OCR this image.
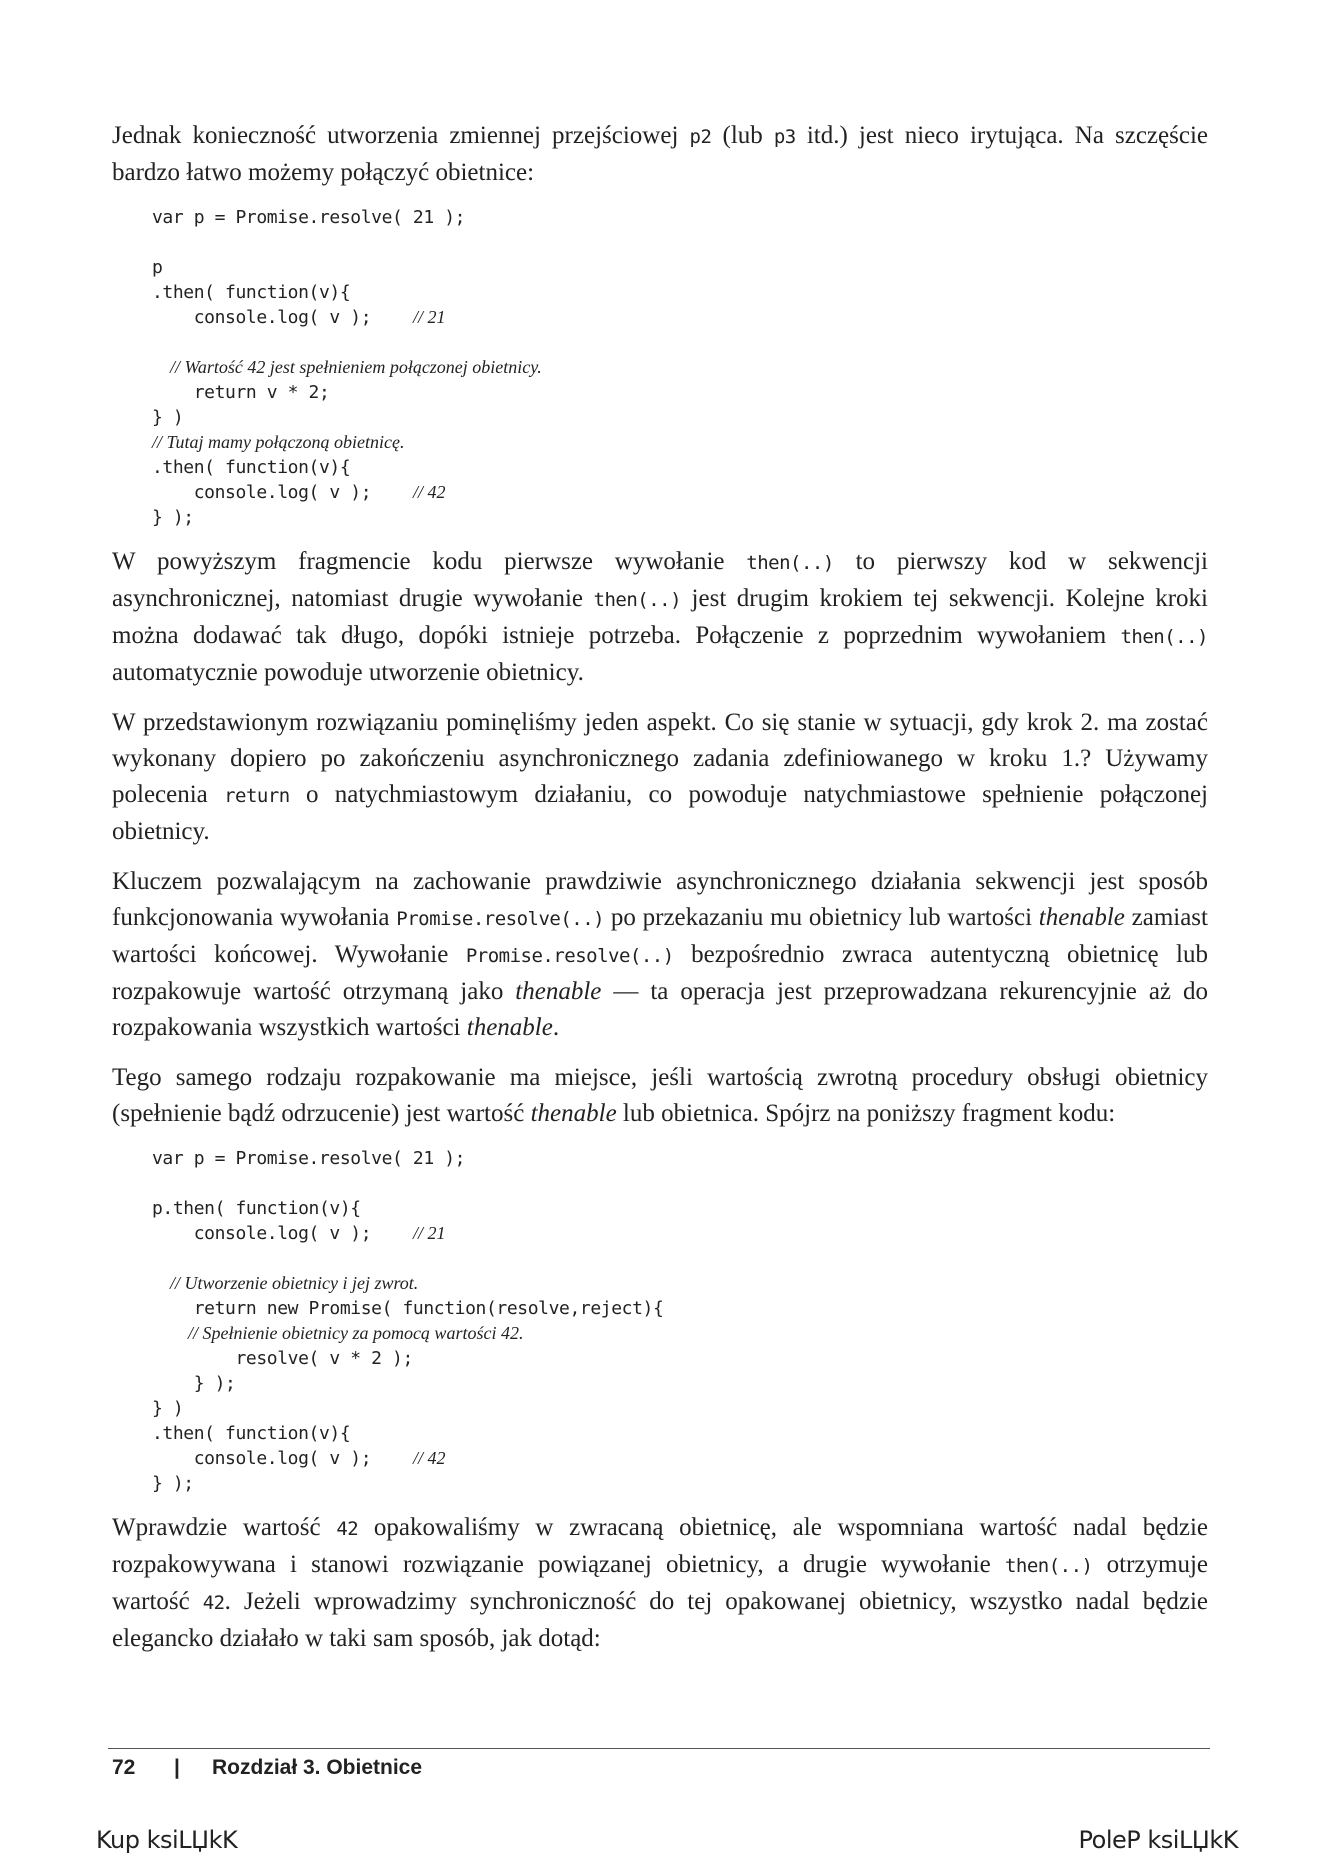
Jednak konieczność utworzenia zmiennej przejściowej p2 (lub p3 itd.) jest nieco irytująca. Na szczęście bardzo łatwo możemy połączyć obietnice:

var p = Promise.resolve( 21 );

p
.then( function(v){
console.log( v );    // 21

// Wartość 42 jest spełnieniem połączonej obietnicy.
return v * 2;
} )
// Tutaj mamy połączoną obietnicę.
.then( function(v){
console.log( v );    // 42
} );

W powyższym fragmencie kodu pierwsze wywołanie then(..) to pierwszy kod w sekwencji asynchronicznej, natomiast drugie wywołanie then(..) jest drugim krokiem tej sekwencji. Kolejne kroki można dodawać tak długo, dopóki istnieje potrzeba. Połączenie z poprzednim wywołaniem then(..) automatycznie powoduje utworzenie obietnicy.

W przedstawionym rozwiązaniu pominęliśmy jeden aspekt. Co się stanie w sytuacji, gdy krok 2. ma zostać wykonany dopiero po zakończeniu asynchronicznego zadania zdefiniowanego w kroku 1.? Używamy polecenia return o natychmiastowym działaniu, co powoduje natychmiastowe spełnienie połączonej obietnicy.

Kluczem pozwalającym na zachowanie prawdziwie asynchronicznego działania sekwencji jest sposób funkcjonowania wywołania Promise.resolve(..) po przekazaniu mu obietnicy lub wartości thenable zamiast wartości końcowej. Wywołanie Promise.resolve(..) bezpośrednio zwraca autentyczną obietnicę lub rozpakowuje wartość otrzymaną jako thenable — ta operacja jest przeprowadzana rekurencyjnie aż do rozpakowania wszystkich wartości thenable.

Tego samego rodzaju rozpakowanie ma miejsce, jeśli wartością zwrotną procedury obsługi obietnicy (spełnienie bądź odrzucenie) jest wartość thenable lub obietnica. Spójrz na poniższy fragment kodu:

var p = Promise.resolve( 21 );

p.then( function(v){
console.log( v );    // 21

// Utworzenie obietnicy i jej zwrot.
return new Promise( function(resolve,reject){
// Spełnienie obietnicy za pomocą wartości 42.
resolve( v * 2 );
} );
} )
.then( function(v){
console.log( v );    // 42
} );

Wprawdzie wartość 42 opakowaliśmy w zwracaną obietnicę, ale wspomniana wartość nadal będzie rozpakowywana i stanowi rozwiązanie powiązanej obietnicy, a drugie wywołanie then(..) otrzymuje wartość 42. Jeżeli wprowadzimy synchroniczność do tej opakowanej obietnicy, wszystko nadal będzie elegancko działało w taki sam sposób, jak dotąd:

72	|	Rozdział 3. Obietnice
Kup ksiLЏkK	PoleP ksiLЏkK
